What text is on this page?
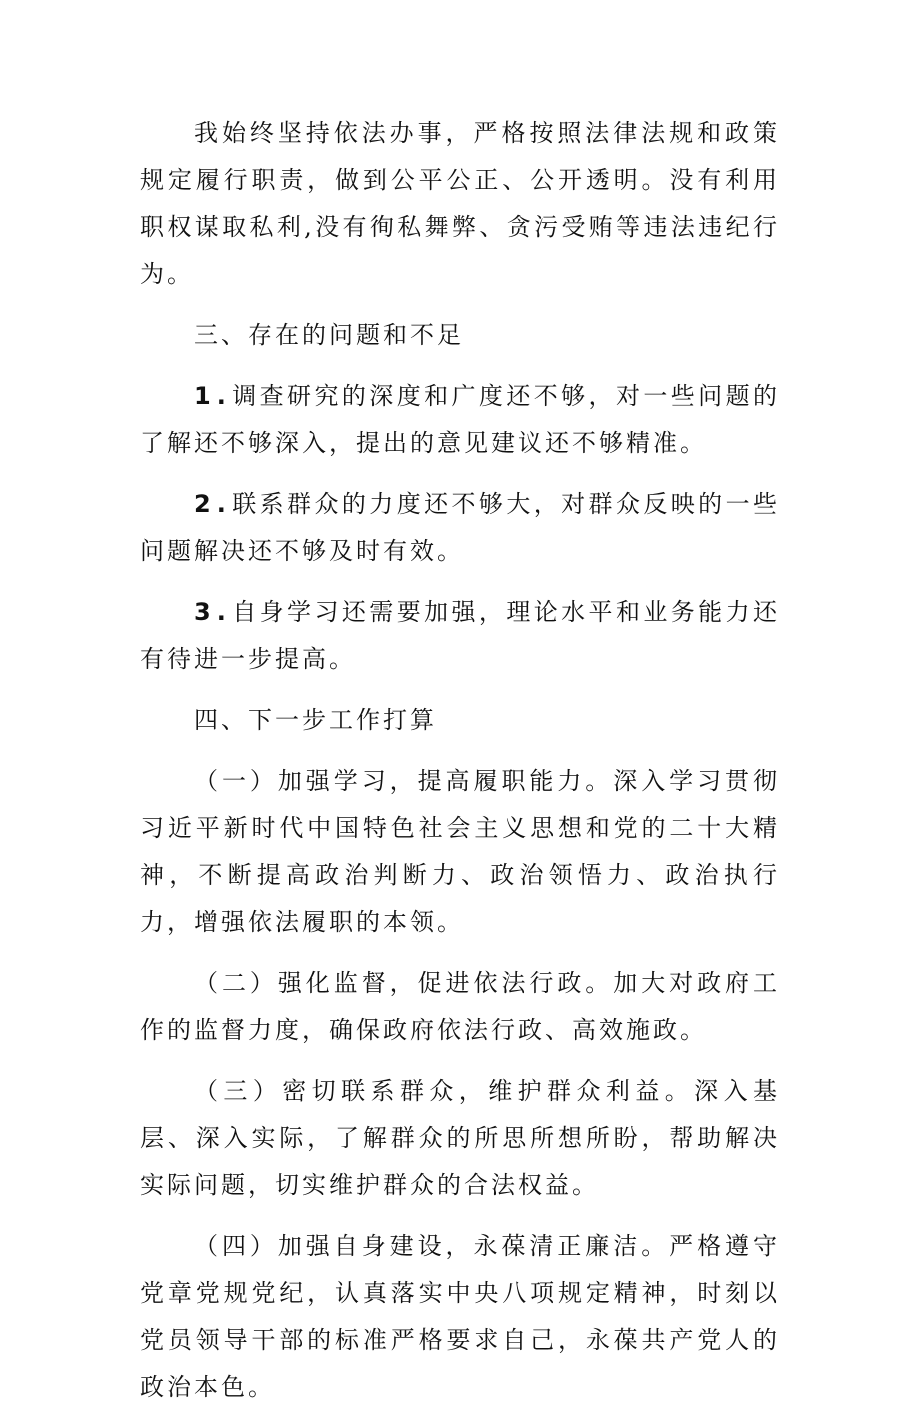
我始终坚持依法办事，严格按照法律法规和政策规定履行职责，做到公平公正、公开透明。没有利用职权谋取私利,没有徇私舞弊、贪污受贿等违法违纪行为。

三、存在的问题和不足

1.调查研究的深度和广度还不够，对一些问题的了解还不够深入，提出的意见建议还不够精准。

2.联系群众的力度还不够大，对群众反映的一些问题解决还不够及时有效。

3.自身学习还需要加强，理论水平和业务能力还有待进一步提高。

四、下一步工作打算

（一）加强学习，提高履职能力。深入学习贯彻习近平新时代中国特色社会主义思想和党的二十大精神，不断提高政治判断力、政治领悟力、政治执行力，增强依法履职的本领。

（二）强化监督，促进依法行政。加大对政府工作的监督力度，确保政府依法行政、高效施政。

（三）密切联系群众，维护群众利益。深入基层、深入实际，了解群众的所思所想所盼，帮助解决实际问题，切实维护群众的合法权益。

（四）加强自身建设，永葆清正廉洁。严格遵守党章党规党纪，认真落实中央八项规定精神，时刻以党员领导干部的标准严格要求自己，永葆共产党人的政治本色。
